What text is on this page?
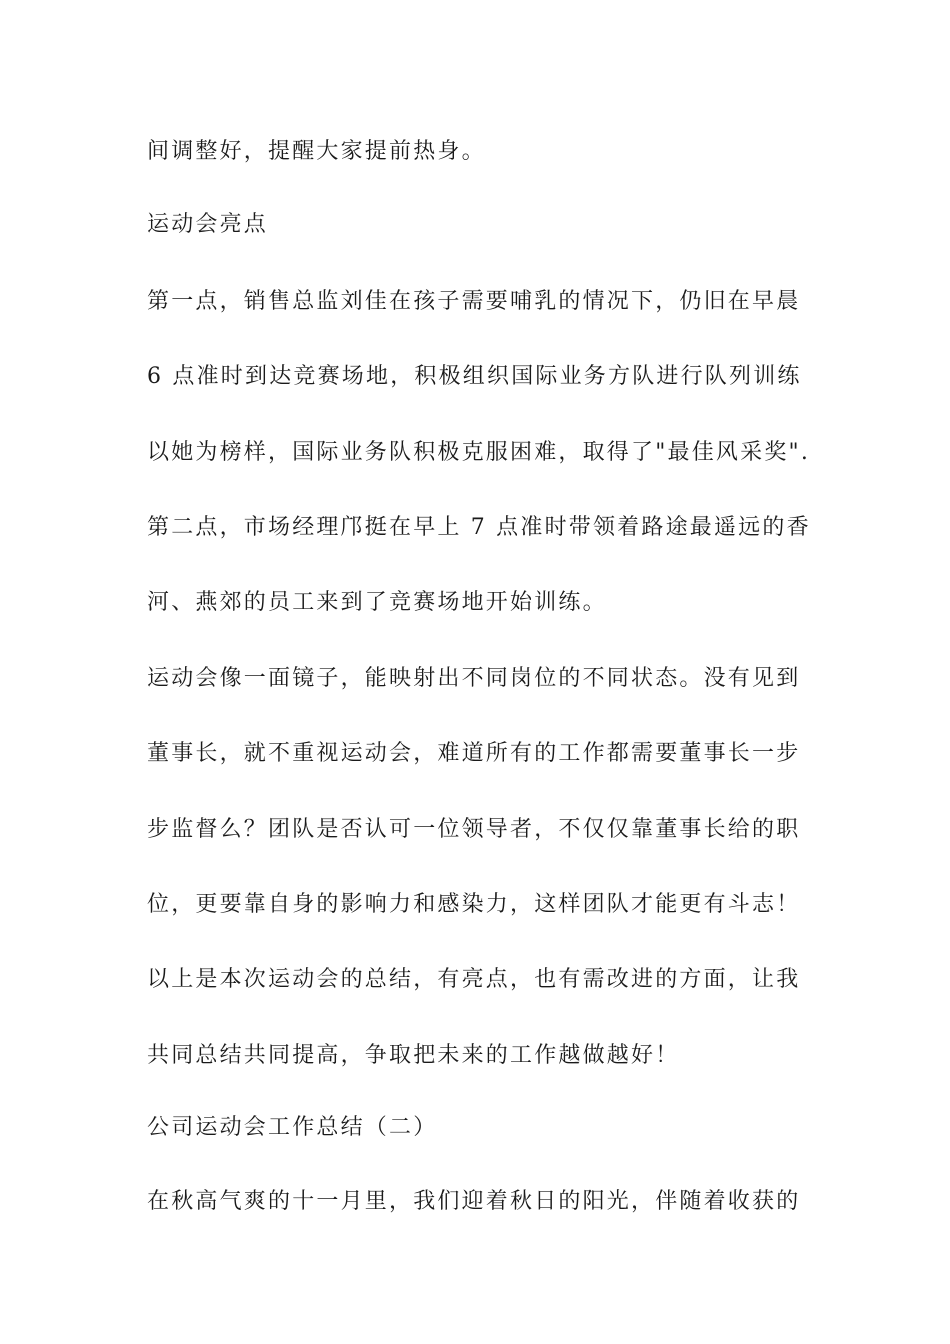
间调整好，提醒大家提前热身。
运动会亮点
第一点，销售总监刘佳在孩子需要哺乳的情况下，仍旧在早晨
6 点准时到达竞赛场地，积极组织国际业务方队进行队列训练
以她为榜样，国际业务队积极克服困难，取得了"最佳风采奖".
第二点，市场经理邝挺在早上 7 点准时带领着路途最遥远的香
河、燕郊的员工来到了竞赛场地开始训练。
运动会像一面镜子，能映射出不同岗位的不同状态。没有见到
董事长，就不重视运动会，难道所有的工作都需要董事长一步
步监督么？团队是否认可一位领导者，不仅仅靠董事长给的职
位，更要靠自身的影响力和感染力，这样团队才能更有斗志！
以上是本次运动会的总结，有亮点，也有需改进的方面，让我
共同总结共同提高，争取把未来的工作越做越好！
公司运动会工作总结（二）
在秋高气爽的十一月里，我们迎着秋日的阳光，伴随着收获的
